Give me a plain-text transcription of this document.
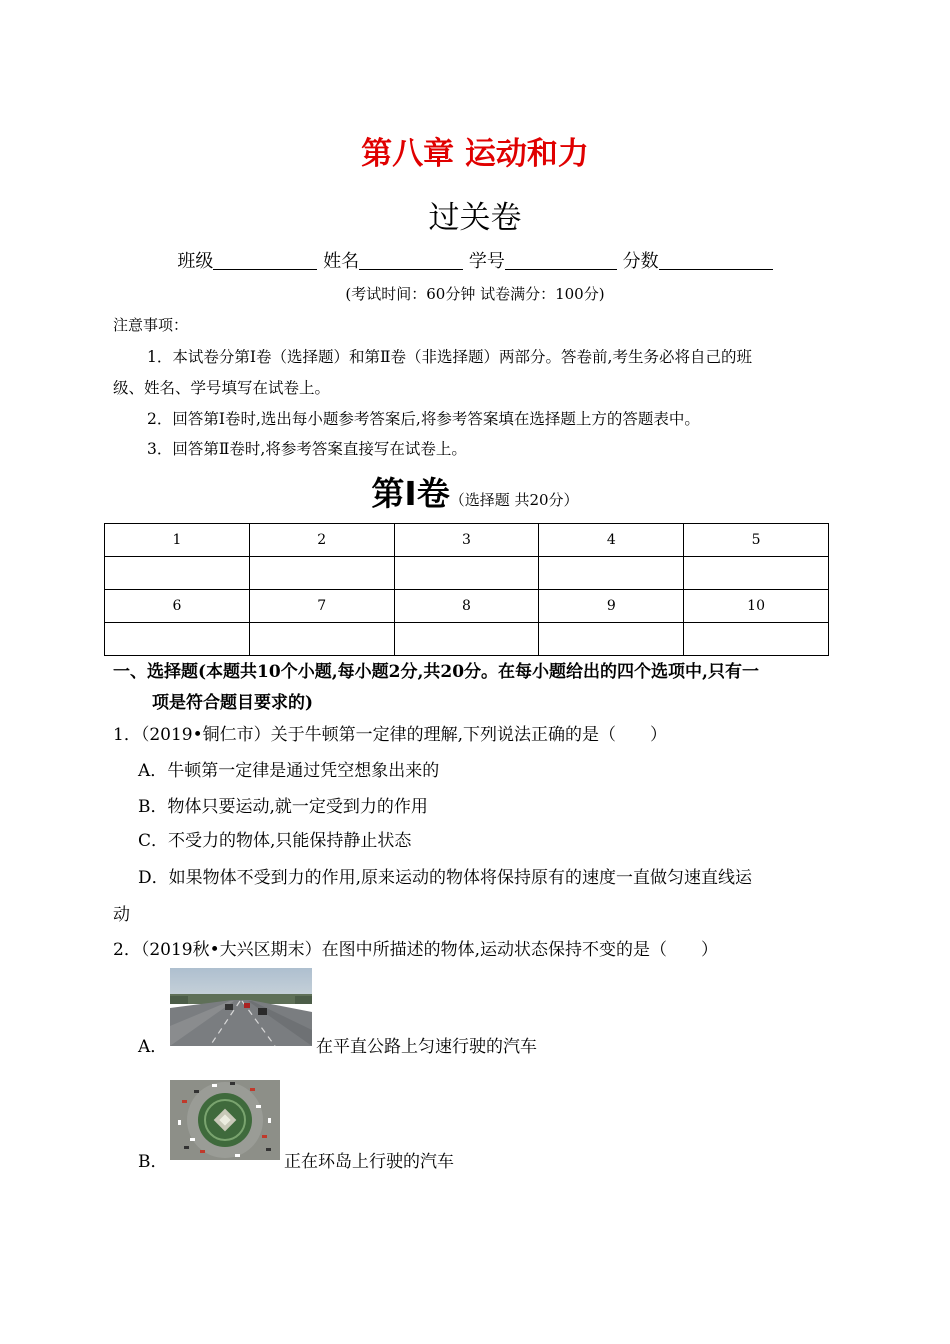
第八章 运动和力
过关卷
班级	姓名	学号	分数
(考试时间：60分钟 试卷满分：100分)
注意事项：
1．本试卷分第Ⅰ卷（选择题）和第Ⅱ卷（非选择题）两部分。答卷前,考生务必将自己的班
级、姓名、学号填写在试卷上。
2．回答第Ⅰ卷时,选出每小题参考答案后,将参考答案填在选择题上方的答题表中。
3．回答第Ⅱ卷时,将参考答案直接写在试卷上。
第Ⅰ卷（选择题 共20分）
1	2	3	4	5

6	7	8	9	10

一、选择题(本题共10个小题,每小题2分,共20分。在每小题给出的四个选项中,只有一
项是符合题目要求的)
1．（2019•铜仁市）关于牛顿第一定律的理解,下列说法正确的是（　　）
A．牛顿第一定律是通过凭空想象出来的
B．物体只要运动,就一定受到力的作用
C．不受力的物体,只能保持静止状态
D．如果物体不受到力的作用,原来运动的物体将保持原有的速度一直做匀速直线运
动
2．（2019秋•大兴区期末）在图中所描述的物体,运动状态保持不变的是（　　）
A．	在平直公路上匀速行驶的汽车
B．	正在环岛上行驶的汽车
